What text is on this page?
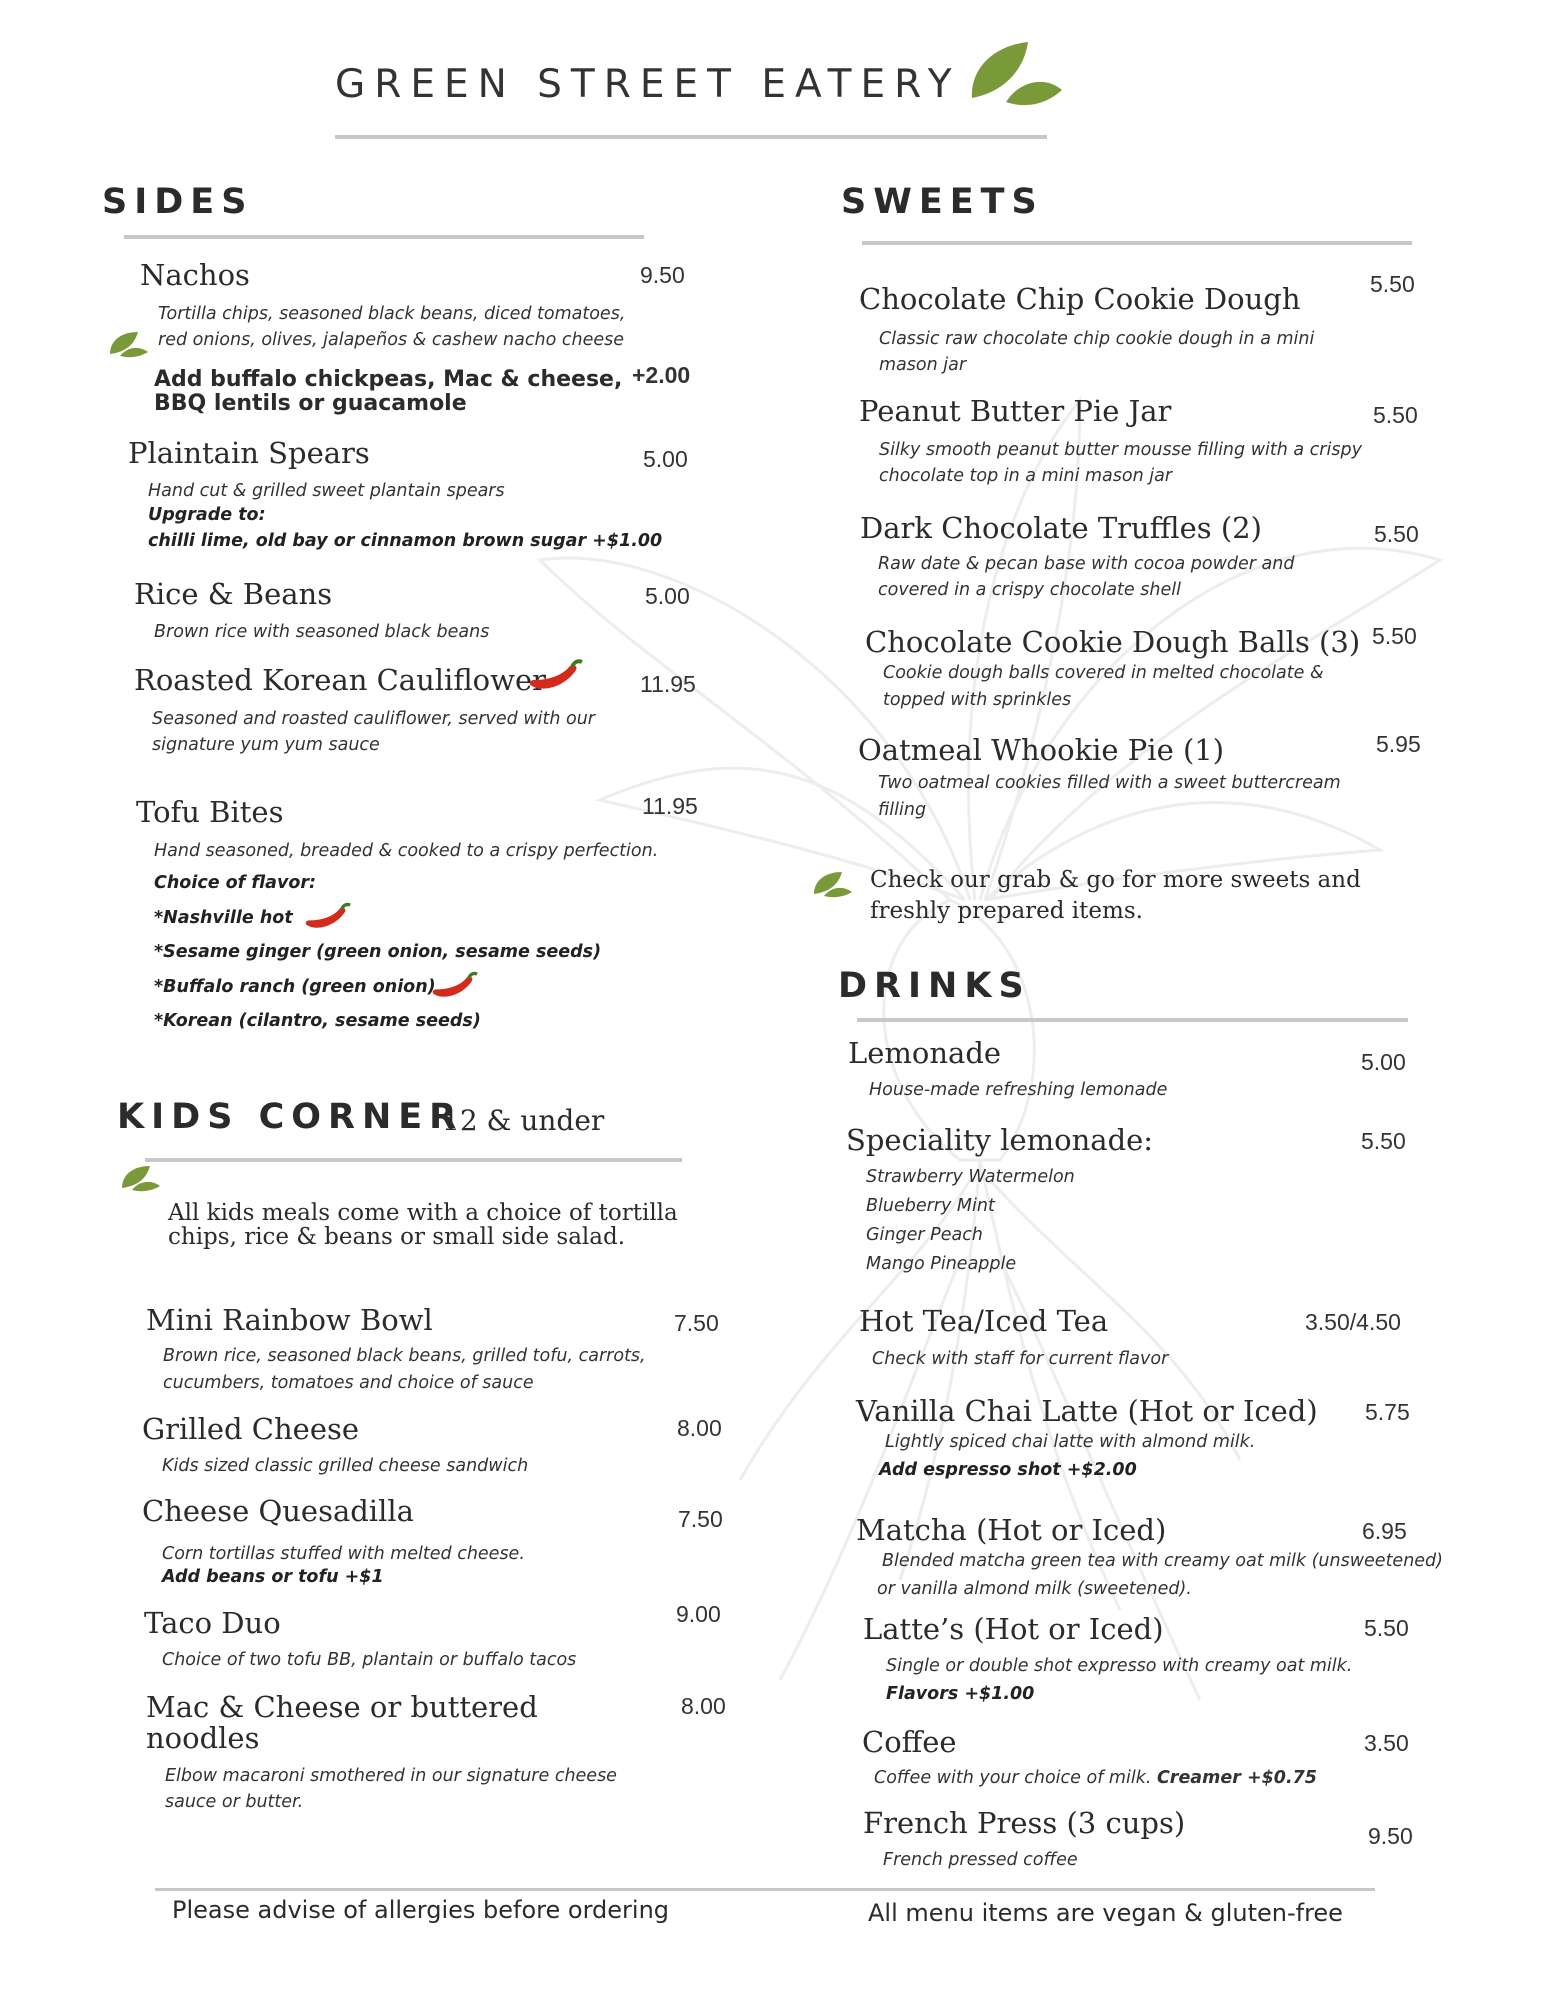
GREEN STREET EATERY
SIDES
Nachos	9.50
Tortilla chips, seasoned black beans, diced tomatoes,
red onions, olives, jalapeños & cashew nacho cheese
Add buffalo chickpeas, Mac & cheese,
BBQ lentils or guacamole
+2.00
Plaintain Spears	5.00
Hand cut & grilled sweet plantain spears
Upgrade to:
chilli lime, old bay or cinnamon brown sugar +$1.00
Rice & Beans	5.00
Brown rice with seasoned black beans
Roasted Korean Cauliflower	11.95
Seasoned and roasted cauliflower, served with our
signature yum yum sauce
Tofu Bites	11.95
Hand seasoned, breaded & cooked to a crispy perfection.
Choice of flavor:
*Nashville hot
*Sesame ginger (green onion, sesame seeds)
*Buffalo ranch (green onion)
*Korean (cilantro, sesame seeds)
KIDS CORNER
12 & under
All kids meals come with a choice of tortilla
chips, rice & beans or small side salad.
Mini Rainbow Bowl	7.50
Brown rice, seasoned black beans, grilled tofu, carrots,
cucumbers, tomatoes and choice of sauce
Grilled Cheese	8.00
Kids sized classic grilled cheese sandwich
Cheese Quesadilla	7.50
Corn tortillas stuffed with melted cheese.
Add beans or tofu +$1
Taco Duo	9.00
Choice of two tofu BB, plantain or buffalo tacos
Mac & Cheese or buttered
noodles
8.00
Elbow macaroni smothered in our signature cheese
sauce or butter.
SWEETS
Chocolate Chip Cookie Dough	5.50
Classic raw chocolate chip cookie dough in a mini
mason jar
Peanut Butter Pie Jar	5.50
Silky smooth peanut butter mousse filling with a crispy
chocolate top in a mini mason jar
Dark Chocolate Truffles (2)	5.50
Raw date & pecan base with cocoa powder and
covered in a crispy chocolate shell
Chocolate Cookie Dough Balls (3) 5.50
Cookie dough balls covered in melted chocolate &
topped with sprinkles
Oatmeal Whookie Pie (1)	5.95
Two oatmeal cookies filled with a sweet buttercream
filling
Check our grab & go for more sweets and
freshly prepared items.
DRINKS
Lemonade	5.00
House-made refreshing lemonade
Speciality lemonade:	5.50
Strawberry Watermelon
Blueberry Mint
Ginger Peach
Mango Pineapple
Hot Tea/Iced Tea	3.50/4.50
Check with staff for current flavor
Vanilla Chai Latte (Hot or Iced) 5.75
Lightly spiced chai latte with almond milk.
Add espresso shot +$2.00
Matcha (Hot or Iced)	6.95
Blended matcha green tea with creamy oat milk (unsweetened)
or vanilla almond milk (sweetened).
Latte’s (Hot or Iced)	5.50
Single or double shot expresso with creamy oat milk.
Flavors +$1.00
Coffee	3.50
Coffee with your choice of milk. Creamer +$0.75
French Press (3 cups)	9.50
French pressed coffee
Please advise of allergies before ordering	All menu items are vegan & gluten-free
